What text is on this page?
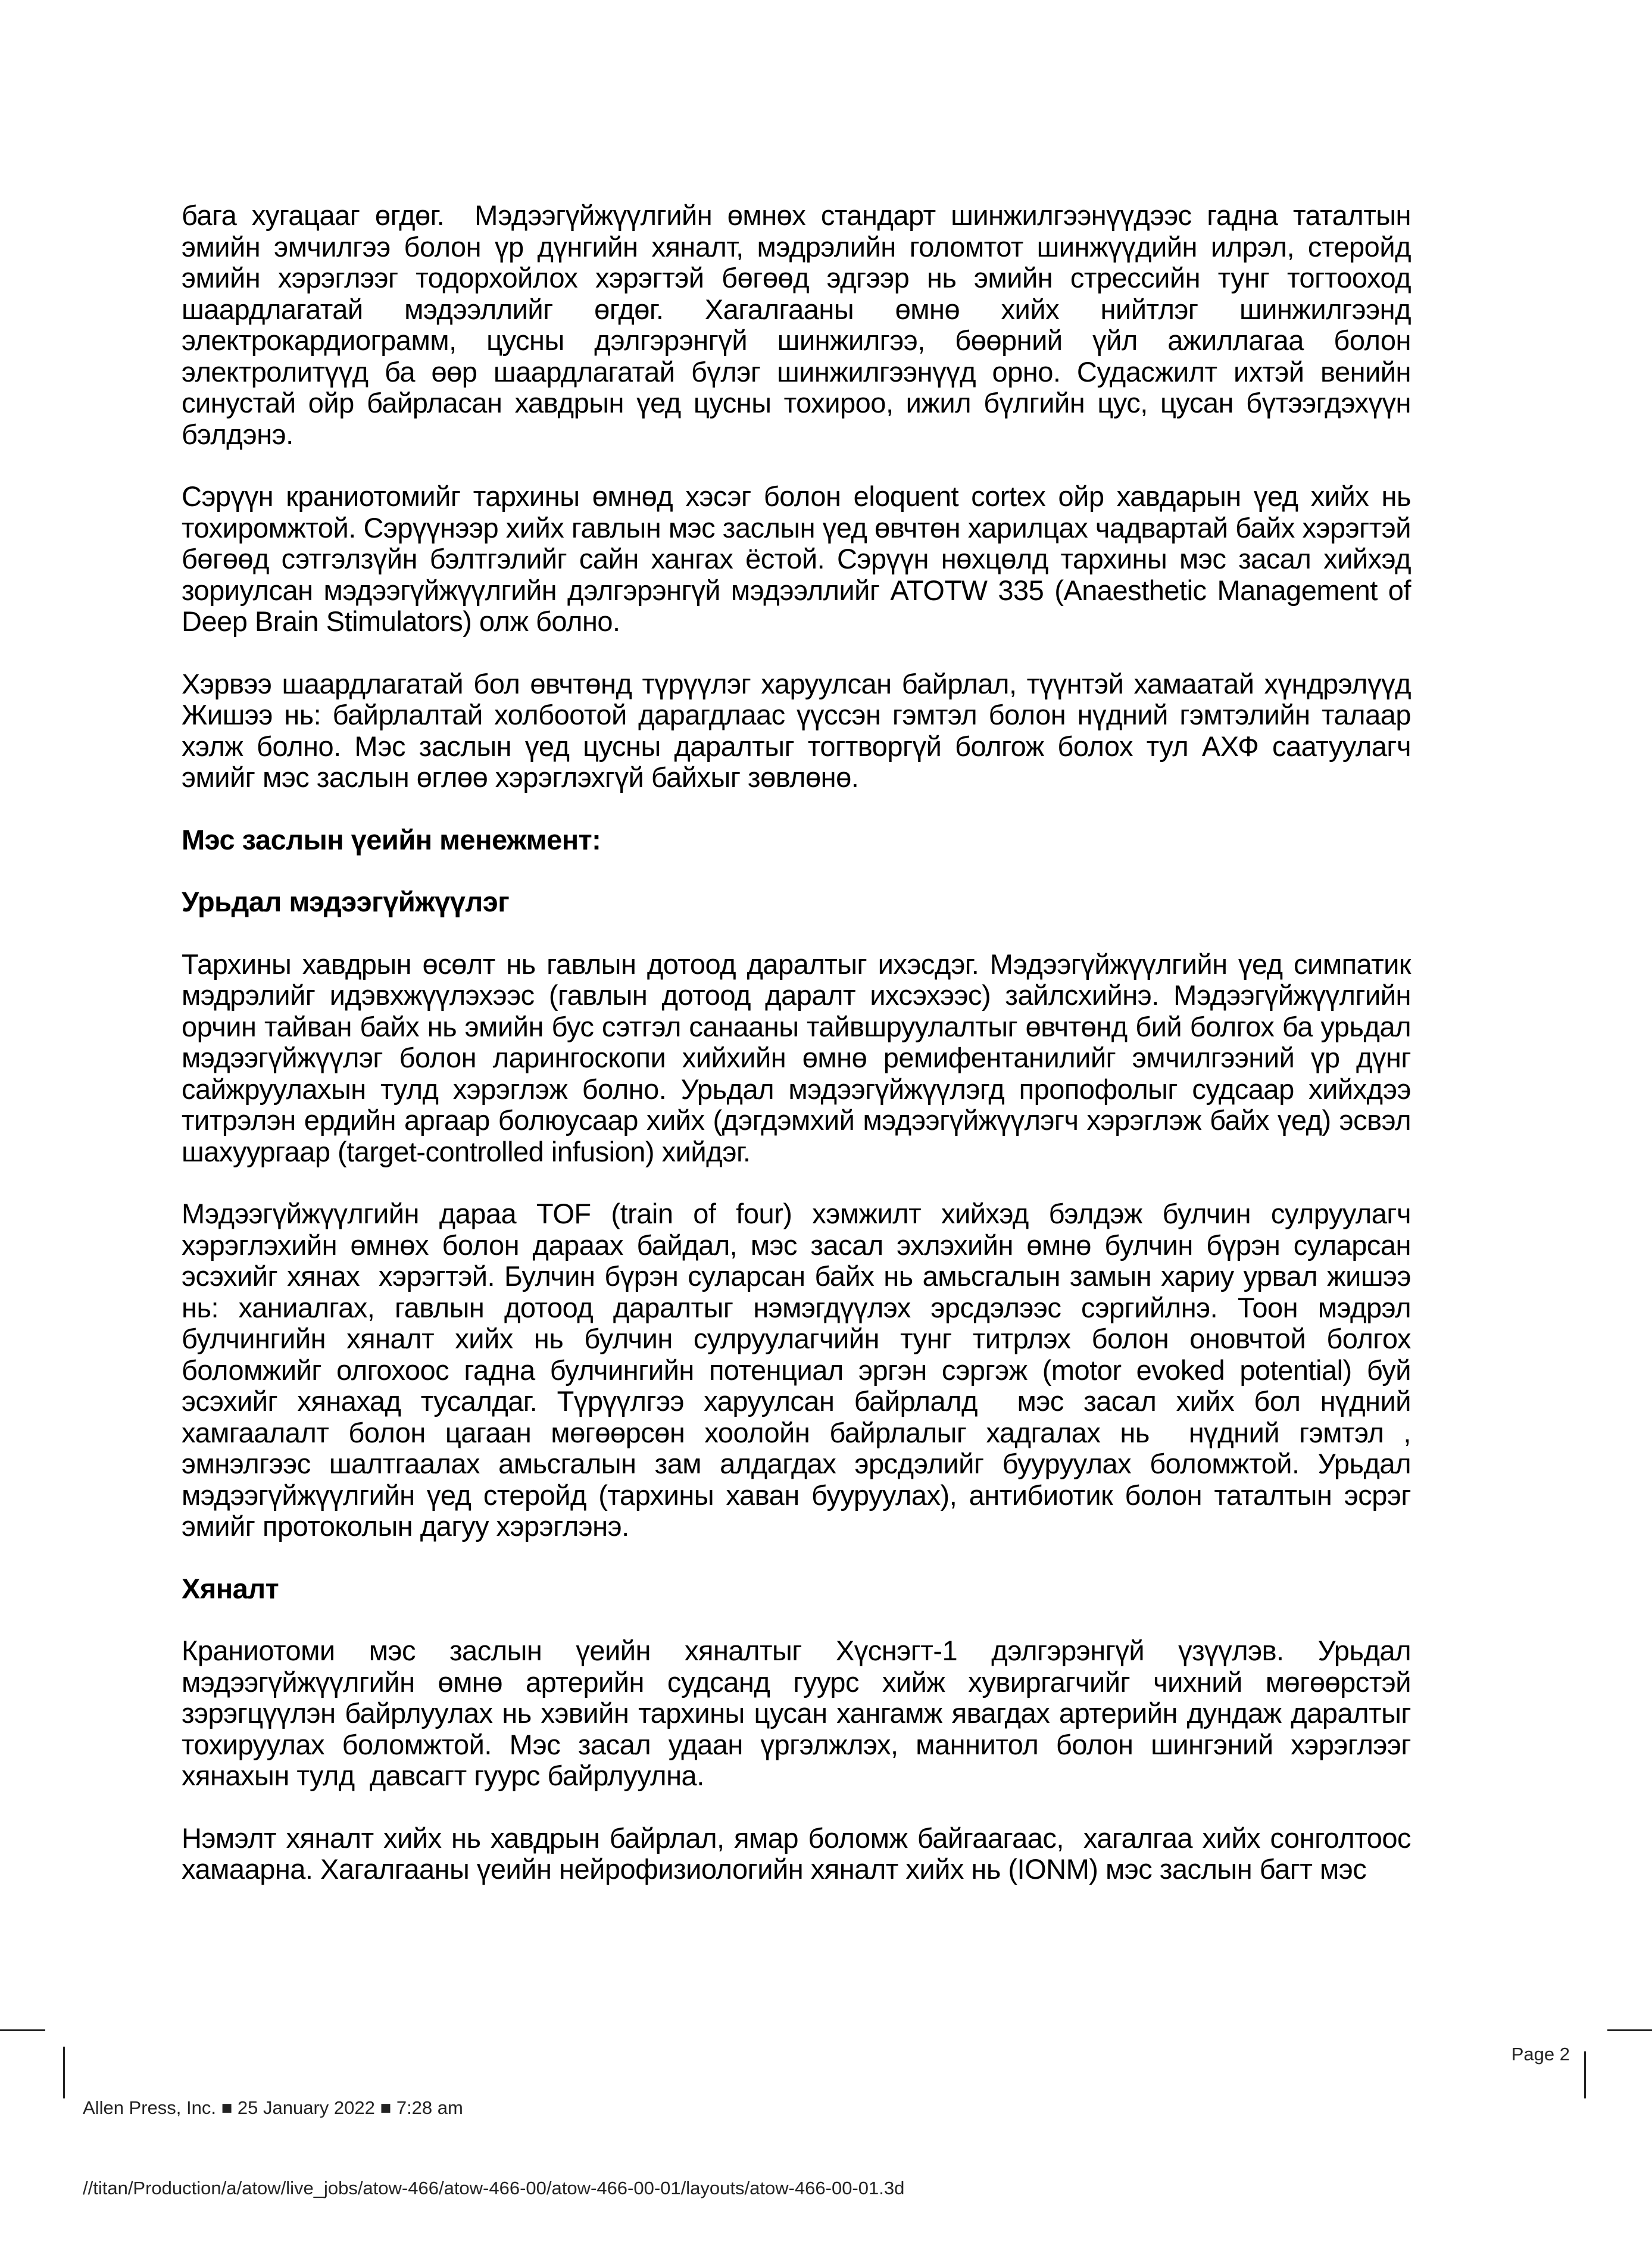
бага хугацааг өгдөг.  Мэдээгүйжүүлгийн өмнөх стандарт шинжилгээнүүдээс гадна таталтын эмийн эмчилгээ болон үр дүнгийн хяналт, мэдрэлийн голомтот шинжүүдийн илрэл, стеройд эмийн хэрэглээг тодорхойлох хэрэгтэй бөгөөд эдгээр нь эмийн стрессийн тунг тогтооход шаардлагатай мэдээллийг өгдөг. Хагалгааны өмнө хийх нийтлэг шинжилгээнд электрокардиограмм, цусны дэлгэрэнгүй шинжилгээ, бөөрний үйл ажиллагаа болон электролитүүд ба өөр шаардлагатай бүлэг шинжилгээнүүд орно. Судасжилт ихтэй венийн синустай ойр байрласан хавдрын үед цусны тохироо, ижил бүлгийн цус, цусан бүтээгдэхүүн бэлдэнэ.

Сэрүүн краниотомийг тархины өмнөд хэсэг болон eloquent cortex ойр хавдарын үед хийх нь тохиромжтой. Сэрүүнээр хийх гавлын мэс заслын үед өвчтөн харилцах чадвартай байх хэрэгтэй бөгөөд сэтгэлзүйн бэлтгэлийг сайн хангах ёстой. Сэрүүн нөхцөлд тархины мэс засал хийхэд зориулсан мэдээгүйжүүлгийн дэлгэрэнгүй мэдээллийг ATOTW 335 (Anaesthetic Management of Deep Brain Stimulators) олж болно.

Хэрвээ шаардлагатай бол өвчтөнд түрүүлэг харуулсан байрлал, түүнтэй хамаатай хүндрэлүүд Жишээ нь: байрлалтай холбоотой дарагдлаас үүссэн гэмтэл болон нүдний гэмтэлийн талаар хэлж болно. Мэс заслын үед цусны даралтыг тогтворгүй болгож болох тул АХФ саатуулагч эмийг мэс заслын өглөө хэрэглэхгүй байхыг зөвлөнө.

Мэс заслын үеийн менежмент:
Урьдал мэдээгүйжүүлэг

Тархины хавдрын өсөлт нь гавлын дотоод даралтыг ихэсдэг. Мэдээгүйжүүлгийн үед симпатик мэдрэлийг идэвхжүүлэхээс (гавлын дотоод даралт ихсэхээс) зайлсхийнэ. Мэдээгүйжүүлгийн орчин тайван байх нь эмийн бус сэтгэл санааны тайвшруулалтыг өвчтөнд бий болгох ба урьдал мэдээгүйжүүлэг болон ларингоскопи хийхийн өмнө ремифентанилийг эмчилгээний үр дүнг сайжруулахын тулд хэрэглэж болно. Урьдал мэдээгүйжүүлэгд пропофолыг судсаар хийхдээ титрэлэн ердийн аргаар болюусаар хийх (дэгдэмхий мэдээгүйжүүлэгч хэрэглэж байх үед) эсвэл шахуургаар (target-controlled infusion) хийдэг.

Мэдээгүйжүүлгийн дараа TOF (train of four) хэмжилт хийхэд бэлдэж булчин сулруулагч хэрэглэхийн өмнөх болон дараах байдал, мэс засал эхлэхийн өмнө булчин бүрэн суларсан эсэхийг хянах  хэрэгтэй. Булчин бүрэн суларсан байх нь амьсгалын замын хариу урвал жишээ нь: ханиалгах, гавлын дотоод даралтыг нэмэгдүүлэх эрсдэлээс сэргийлнэ. Тоон мэдрэл булчингийн хяналт хийх нь булчин сулруулагчийн тунг титрлэх болон оновчтой болгох боломжийг олгохоос гадна булчингийн потенциал эргэн сэргэж (motor evoked potential) буй эсэхийг хянахад тусалдаг. Түрүүлгээ харуулсан байрлалд  мэс засал хийх бол нүдний хамгаалалт болон цагаан мөгөөрсөн хоолойн байрлалыг хадгалах нь  нүдний гэмтэл , эмнэлгээс шалтгаалах амьсгалын зам алдагдах эрсдэлийг бууруулах боломжтой. Урьдал мэдээгүйжүүлгийн үед стеройд (тархины хаван бууруулах), антибиотик болон таталтын эсрэг эмийг протоколын дагуу хэрэглэнэ.

Хяналт

Краниотоми мэс заслын үеийн хяналтыг Хүснэгт-1 дэлгэрэнгүй үзүүлэв. Урьдал мэдээгүйжүүлгийн өмнө артерийн судсанд гуурс хийж хувиргагчийг чихний мөгөөрстэй зэрэгцүүлэн байрлуулах нь хэвийн тархины цусан хангамж явагдах артерийн дундаж даралтыг тохируулах боломжтой. Мэс засал удаан үргэлжлэх, маннитол болон шингэний хэрэглээг хянахын тулд  давсагт гуурс байрлуулна.

Нэмэлт хяналт хийх нь хавдрын байрлал, ямар боломж байгаагаас,  хагалгаа хийх сонголтоос хамаарна. Хагалгааны үеийн нейрофизиологийн хяналт хийх нь (IONM) мэс заслын багт мэс

Allen Press, Inc. ■ 25 January 2022 ■ 7:28 am

//titan/Production/a/atow/live_jobs/atow-466/atow-466-00/atow-466-00-01/layouts/atow-466-00-01.3d

Page 2
